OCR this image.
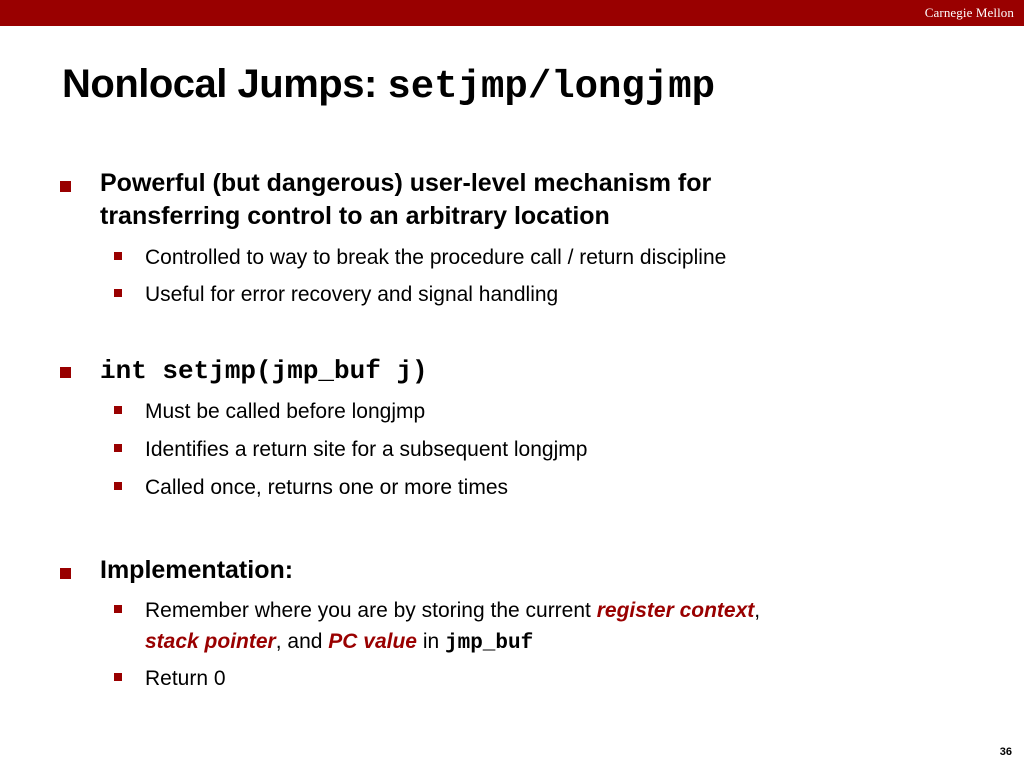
Carnegie Mellon
Nonlocal Jumps: setjmp/longjmp
Powerful (but dangerous) user-level mechanism for
transferring control to an arbitrary location
Controlled to way to break the procedure call / return discipline
Useful for error recovery and signal handling
int setjmp(jmp_buf j)
Must be called before longjmp
Identifies a return site for a subsequent longjmp
Called once, returns one or more times
Implementation:
Remember where you are by storing the current register context,
stack pointer, and PC value in jmp_buf
Return 0
36
